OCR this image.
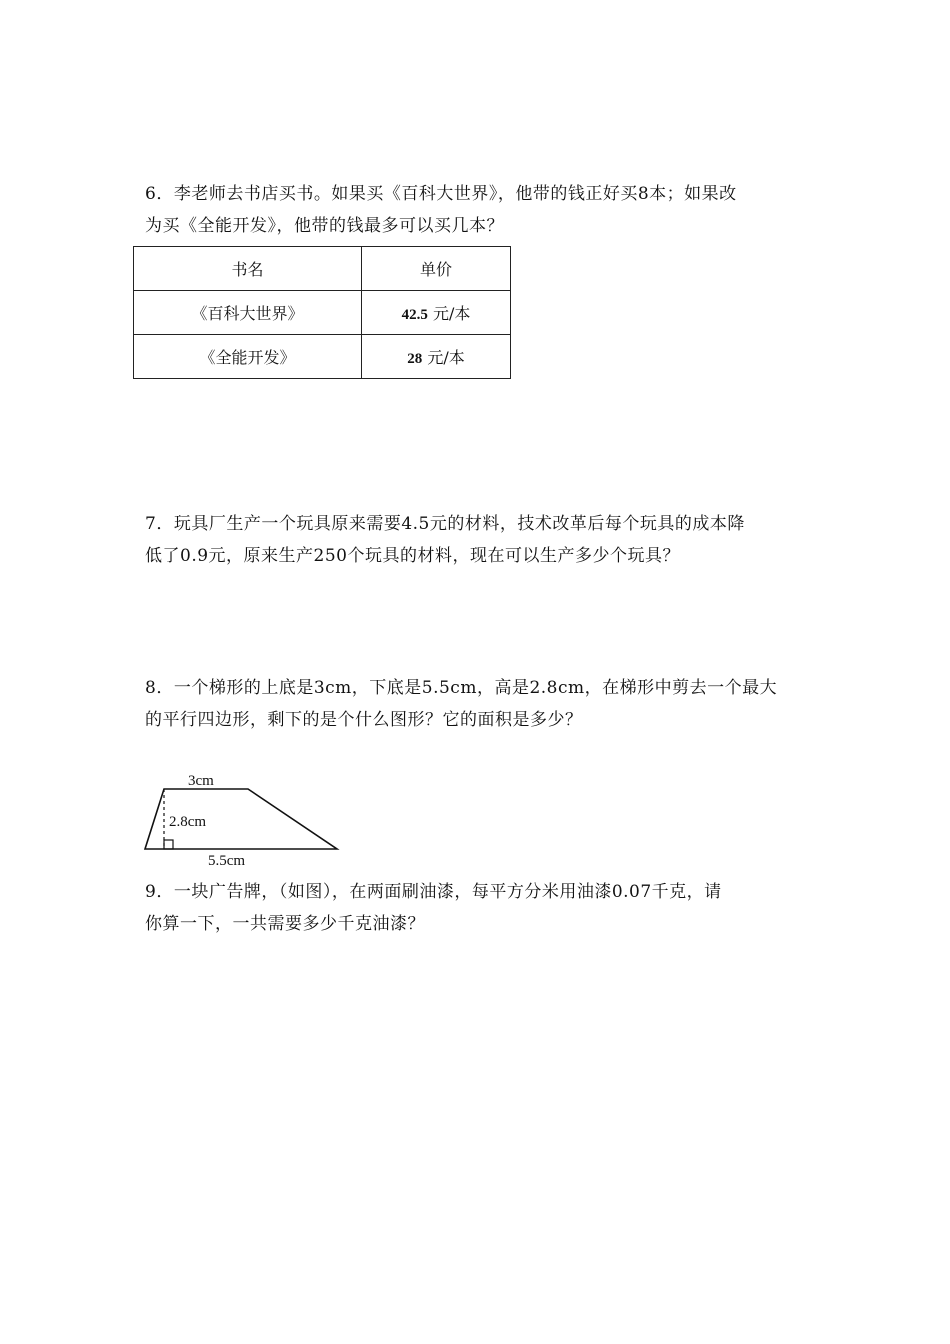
6．李老师去书店买书。如果买《百科大世界》，他带的钱正好买8本；如果改
为买《全能开发》，他带的钱最多可以买几本？
书名	单价
《百科大世界》	42.5 元/本
《全能开发》	28 元/本
7．玩具厂生产一个玩具原来需要4.5元的材料，技术改革后每个玩具的成本降
低了0.9元，原来生产250个玩具的材料，现在可以生产多少个玩具？
8．一个梯形的上底是3cm，下底是5.5cm，高是2.8cm，在梯形中剪去一个最大
的平行四边形，剩下的是个什么图形？它的面积是多少？
3cm
2.8cm
5.5cm
9．一块广告牌，（如图），在两面刷油漆，每平方分米用油漆0.07千克，请
你算一下，一共需要多少千克油漆？
